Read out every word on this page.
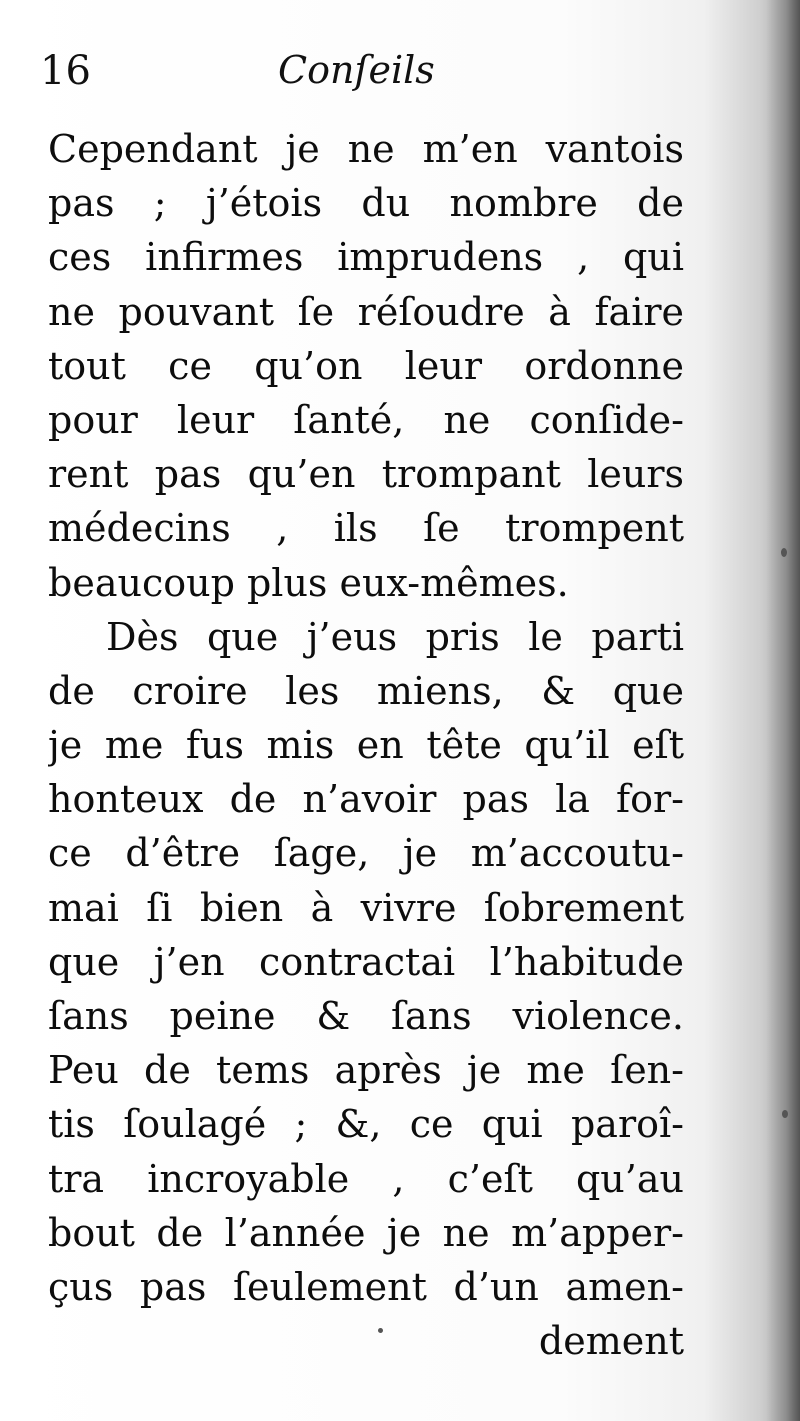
16	Conſeils
Cependant je ne m’en vantois
pas ; j’étois du nombre de
ces infirmes imprudens , qui
ne pouvant ſe réſoudre à faire
tout ce qu’on leur ordonne
pour leur ſanté, ne conſide-
rent pas qu’en trompant leurs
médecins , ils ſe trompent
beaucoup plus eux-mêmes.
Dès que j’eus pris le parti
de croire les miens, & que
je me fus mis en tête qu’il eſt
honteux de n’avoir pas la for-
ce d’être ſage, je m’accoutu-
mai ſi bien à vivre ſobrement
que j’en contractai l’habitude
ſans peine & ſans violence.
Peu de tems après je me ſen-
tis ſoulagé ; &, ce qui paroî-
tra incroyable , c’eſt qu’au
bout de l’année je ne m’apper-
çus pas ſeulement d’un amen-
dement
